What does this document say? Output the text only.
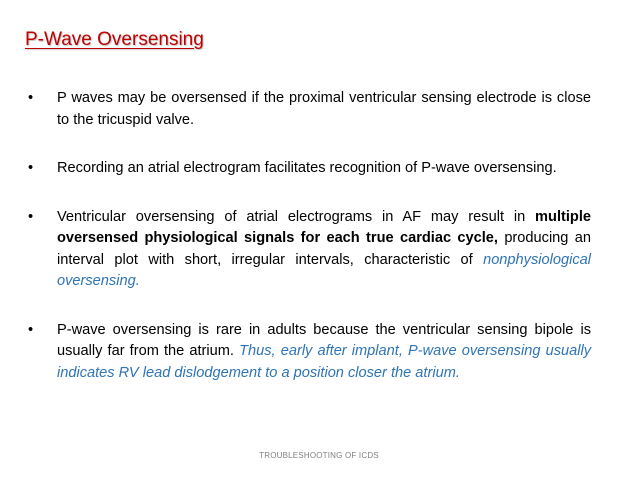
P-Wave Oversensing
• P waves may be oversensed if the proximal ventricular sensing electrode is close to the tricuspid valve.
• Recording an atrial electrogram facilitates recognition of P-wave oversensing.
• Ventricular oversensing of atrial electrograms in AF may result in multiple oversensed physiological signals for each true cardiac cycle, producing an interval plot with short, irregular intervals, characteristic of nonphysiological oversensing.
• P-wave oversensing is rare in adults because the ventricular sensing bipole is usually far from the atrium. Thus, early after implant, P-wave oversensing usually indicates RV lead dislodgement to a position closer the atrium.
TROUBLESHOOTING OF ICDS
